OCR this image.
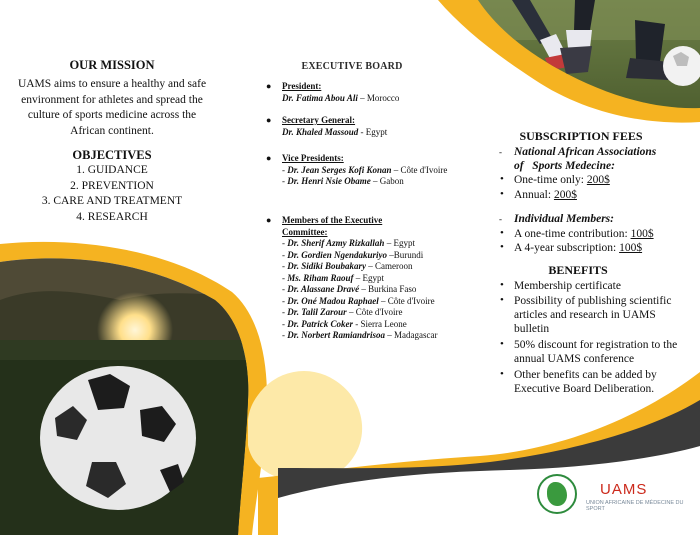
OUR MISSION
UAMS aims to ensure a healthy and safe environment for athletes and spread the culture of sports medicine across the African continent.
OBJECTIVES
1. GUIDANCE
2. PREVENTION
3. CARE AND TREATMENT
4. RESEARCH
EXECUTIVE BOARD
● President:
Dr. Fatima Abou Ali – Morocco
● Secretary General:
Dr. Khaled Massoud - Egypt
● Vice Presidents:
- Dr. Jean Serges Kofi Konan – Côte d'Ivoire
- Dr. Henri Nsie Obame – Gabon
● Members of the Executive
Committee:
- Dr. Sherif Azmy Rizkallah – Egypt
- Dr. Gordien Ngendakuriyo –Burundi
- Dr. Sidiki Boubakary – Cameroon
- Ms. Riham Raouf – Egypt
- Dr. Alassane Dravé – Burkina Faso
- Dr. Oné Madou Raphael – Côte d'Ivoire
- Dr. Talil Zarour – Côte d'Ivoire
- Dr. Patrick Coker - Sierra Leone
- Dr. Norbert Ramiandrisoa – Madagascar
SUBSCRIPTION FEES
- National African Associations
of   Sports Medecine:
• One-time only: 200$
• Annual: 200$
- Individual Members:
• A one-time contribution: 100$
• A 4-year subscription: 100$
BENEFITS
• Membership certificate
• Possibility of publishing scientific articles and research in UAMS bulletin
• 50% discount for registration to the annual UAMS conference
• Other benefits can be added by Executive Board Deliberation.
UAMS
UNION AFRICAINE DE MÉDECINE DU SPORT
